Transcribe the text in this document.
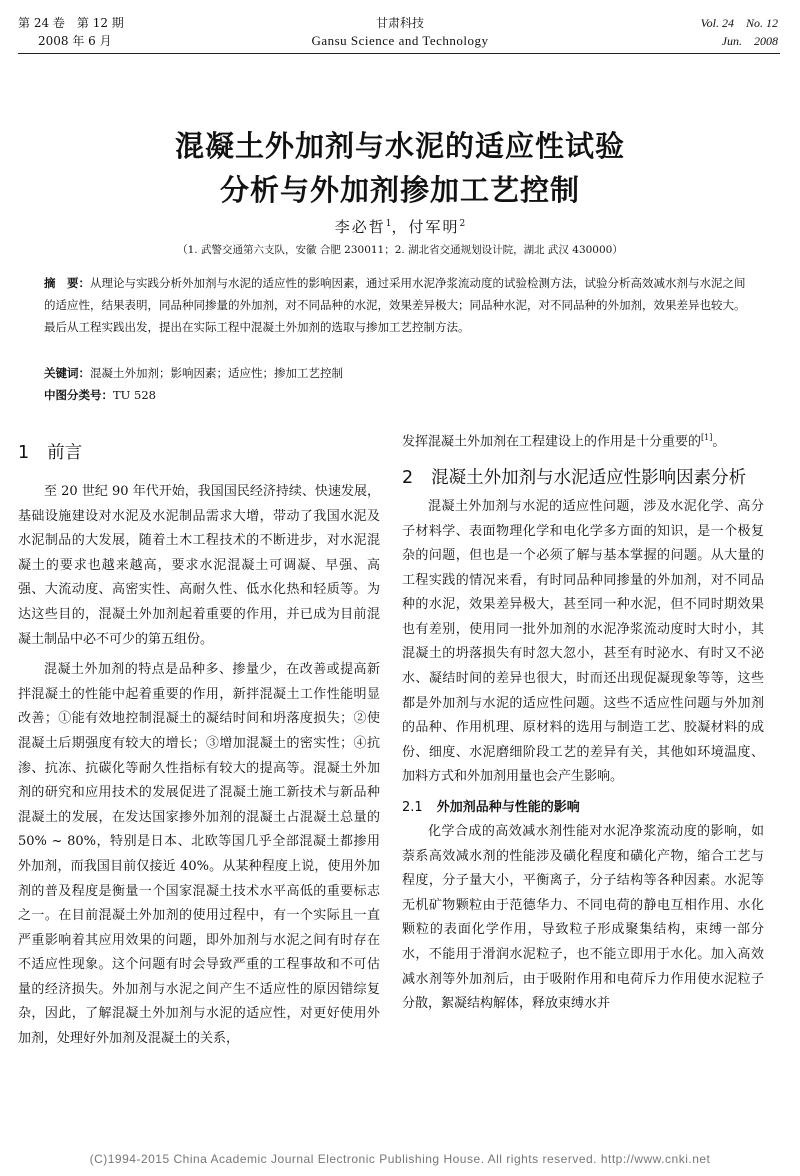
第 24 卷　第 12 期
2008 年 6 月
甘肃科技
Gansu Science and Technology
Vol. 24　No. 12
Jun.　2008
混凝土外加剂与水泥的适应性试验
分析与外加剂掺加工艺控制
李必哲$^1$，付军明$^2$
（1. 武警交通第六支队，安徽 合肥 230011；2. 湖北省交通规划设计院，湖北 武汉 430000）
摘　要：从理论与实践分析外加剂与水泥的适应性的影响因素，通过采用水泥净浆流动度的试验检测方法，试验分析高效减水剂与水泥之间的适应性，结果表明，同品种同掺量的外加剂，对不同品种的水泥，效果差异极大；同品种水泥，对不同品种的外加剂，效果差异也较大。最后从工程实践出发，提出在实际工程中混凝土外加剂的选取与掺加工艺控制方法。
关键词：混凝土外加剂；影响因素；适应性；掺加工艺控制
中图分类号：TU 528
1 前言

至 20 世纪 90 年代开始，我国国民经济持续、快速发展，基础设施建设对水泥及水泥制品需求大增，带动了我国水泥及水泥制品的大发展，随着土木工程技术的不断进步，对水泥混凝土的要求也越来越高，要求水泥混凝土可调凝、早强、高强、大流动度、高密实性、高耐久性、低水化热和轻质等。为达这些目的，混凝土外加剂起着重要的作用，并已成为目前混凝土制品中必不可少的第五组份。

混凝土外加剂的特点是品种多、掺量少，在改善或提高新拌混凝土的性能中起着重要的作用，新拌混凝土工作性能明显改善；①能有效地控制混凝土的凝结时间和坍落度损失；②使混凝土后期强度有较大的增长；③增加混凝土的密实性；④抗渗、抗冻、抗碳化等耐久性指标有较大的提高等。混凝土外加剂的研究和应用技术的发展促进了混凝土施工新技术与新品种混凝土的发展，在发达国家掺外加剂的混凝土占混凝土总量的 50% ~ 80%，特别是日本、北欧等国几乎全部混凝土都掺用外加剂，而我国目前仅接近 40%。从某种程度上说，使用外加剂的普及程度是衡量一个国家混凝土技术水平高低的重要标志之一。在目前混凝土外加剂的使用过程中，有一个实际且一直严重影响着其应用效果的问题，即外加剂与水泥之间有时存在不适应性现象。这个问题有时会导致严重的工程事故和不可估量的经济损失。外加剂与水泥之间产生不适应性的原因错综复杂，因此，了解混凝土外加剂与水泥的适应性，对更好使用外加剂，处理好外加剂及混凝土的关系，

发挥混凝土外加剂在工程建设上的作用是十分重要的[1]。

2 混凝土外加剂与水泥适应性影响因素分析

混凝土外加剂与水泥的适应性问题，涉及水泥化学、高分子材料学、表面物理化学和电化学多方面的知识，是一个极复杂的问题，但也是一个必须了解与基本掌握的问题。从大量的工程实践的情况来看，有时同品种同掺量的外加剂，对不同品种的水泥，效果差异极大，甚至同一种水泥，但不同时期效果也有差别，使用同一批外加剂的水泥净浆流动度时大时小，其混凝土的坍落损失有时忽大忽小，甚至有时泌水、有时又不泌水、凝结时间的差异也很大，时而还出现促凝现象等等，这些都是外加剂与水泥的适应性问题。这些不适应性问题与外加剂的品种、作用机理、原材料的选用与制造工艺、胶凝材料的成份、细度、水泥磨细阶段工艺的差异有关，其他如环境温度、加料方式和外加剂用量也会产生影响。

2.1 外加剂品种与性能的影响

化学合成的高效减水剂性能对水泥净浆流动度的影响，如萘系高效减水剂的性能涉及磺化程度和磺化产物，缩合工艺与程度，分子量大小，平衡离子，分子结构等各种因素。水泥等无机矿物颗粒由于范德华力、不同电荷的静电互相作用、水化颗粒的表面化学作用，导致粒子形成聚集结构，束缚一部分水，不能用于滑润水泥粒子，也不能立即用于水化。加入高效减水剂等外加剂后，由于吸附作用和电荷斥力作用使水泥粒子分散，絮凝结构解体，释放束缚水并

(C)1994-2015 China Academic Journal Electronic Publishing House. All rights reserved. http://www.cnki.net
